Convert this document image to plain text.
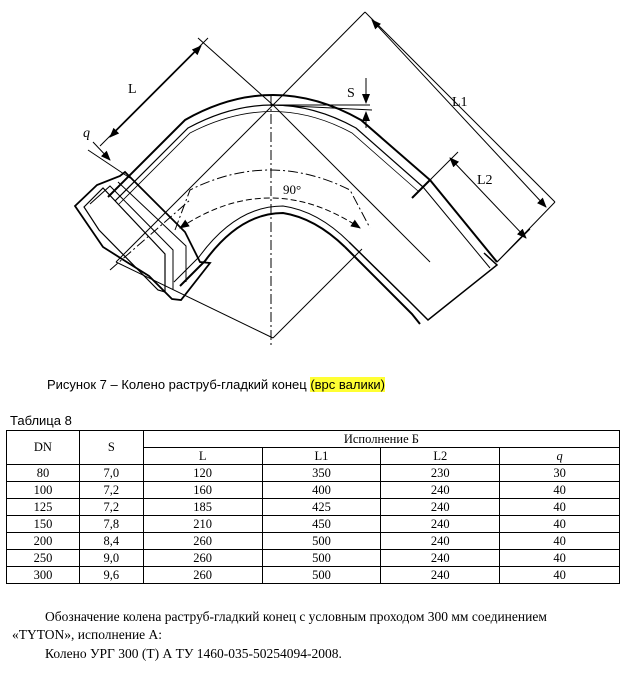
L
q
S
L1
L2
90°
Рисунок 7 – Колено раструб-гладкий конец (врс валики)
Таблица 8
DN	S	Исполнение Б			
		L	L1	L2	q
80	7,0	120	350	230	30
100	7,2	160	400	240	40
125	7,2	185	425	240	40
150	7,8	210	450	240	40
200	8,4	260	500	240	40
250	9,0	260	500	240	40
300	9,6	260	500	240	40
Обозначение колена раструб-гладкий конец с условным проходом 300 мм соединением
«TYTON», исполнение А:
Колено УРГ 300 (Т) А ТУ 1460-035-50254094-2008.
